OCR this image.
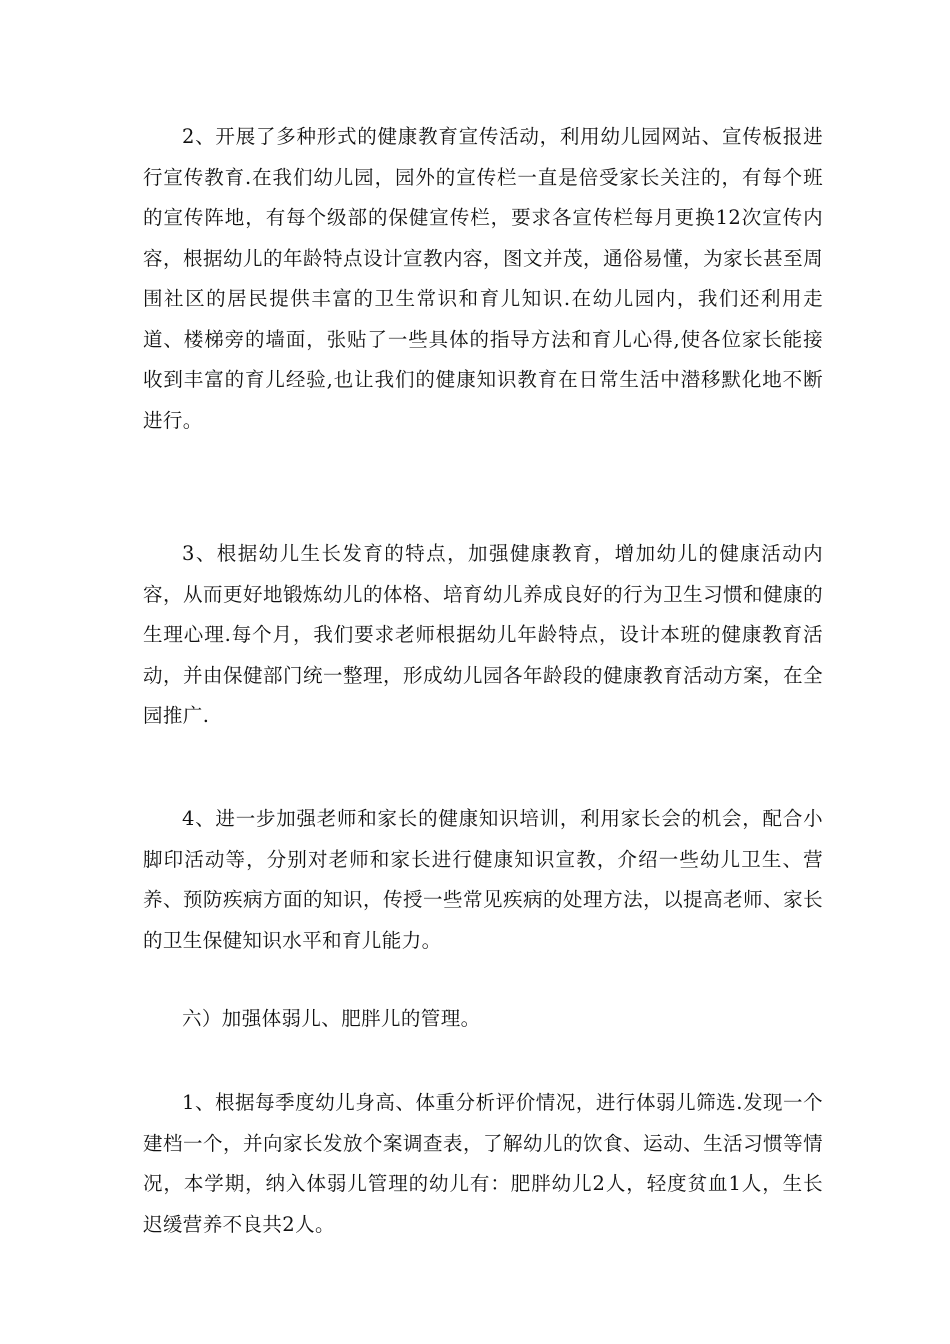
2、开展了多种形式的健康教育宣传活动，利用幼儿园网站、宣传板报进行宣传教育.在我们幼儿园，园外的宣传栏一直是倍受家长关注的，有每个班的宣传阵地，有每个级部的保健宣传栏，要求各宣传栏每月更换12次宣传内容，根据幼儿的年龄特点设计宣教内容，图文并茂，通俗易懂，为家长甚至周围社区的居民提供丰富的卫生常识和育儿知识.在幼儿园内，我们还利用走道、楼梯旁的墙面，张贴了一些具体的指导方法和育儿心得,使各位家长能接收到丰富的育儿经验,也让我们的健康知识教育在日常生活中潜移默化地不断进行。

3、根据幼儿生长发育的特点，加强健康教育，增加幼儿的健康活动内容，从而更好地锻炼幼儿的体格、培育幼儿养成良好的行为卫生习惯和健康的生理心理.每个月，我们要求老师根据幼儿年龄特点，设计本班的健康教育活动，并由保健部门统一整理，形成幼儿园各年龄段的健康教育活动方案，在全园推广.

4、进一步加强老师和家长的健康知识培训，利用家长会的机会，配合小脚印活动等，分别对老师和家长进行健康知识宣教，介绍一些幼儿卫生、营养、预防疾病方面的知识，传授一些常见疾病的处理方法，以提高老师、家长的卫生保健知识水平和育儿能力。

六）加强体弱儿、肥胖儿的管理。

1、根据每季度幼儿身高、体重分析评价情况，进行体弱儿筛选.发现一个建档一个，并向家长发放个案调查表，了解幼儿的饮食、运动、生活习惯等情况，本学期，纳入体弱儿管理的幼儿有：肥胖幼儿2人，轻度贫血1人，生长迟缓营养不良共2人。
